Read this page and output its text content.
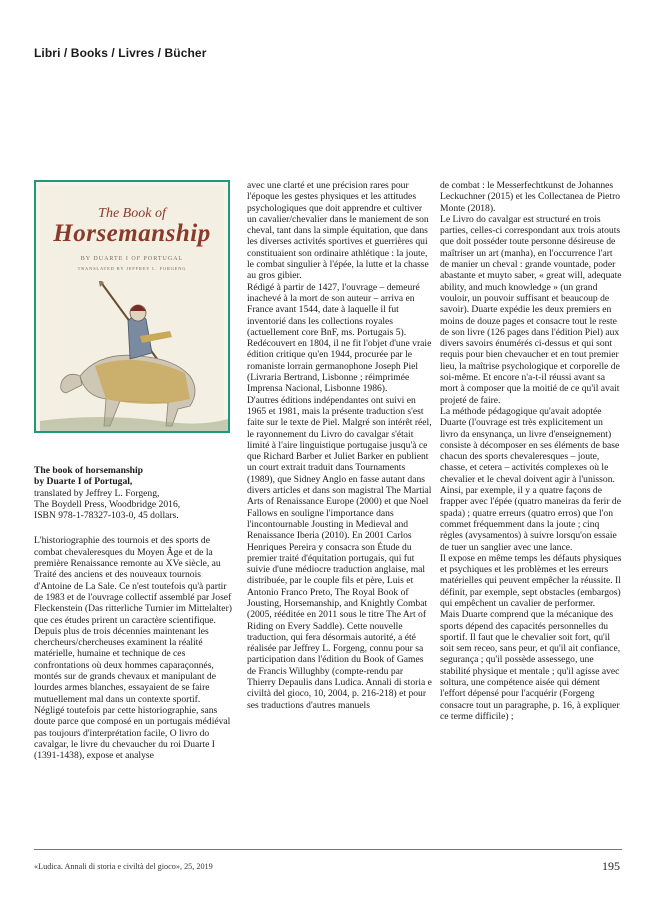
Libri / Books / Livres / Bücher
The Book of
Horsemanship
BY DUARTE I OF PORTUGAL
TRANSLATED BY JEFFREY L. FORGENG

The book of horsemanship

by Duarte I of Portugal,

translated by Jeffrey L. Forgeng,

The Boydell Press, Woodbridge 2016,

ISBN 978-1-78327-103-0, 45 dollars.

L'historiographie des tournois et des sports de combat chevaleresques du Moyen Âge et de la première Renaissance remonte au XVe siècle, au Traité des anciens et des nouveaux tournois d'Antoine de La Sale. Ce n'est toutefois qu'à partir de 1983 et de l'ouvrage collectif assemblé par Josef Fleckenstein (Das ritterliche Turnier im Mittelalter) que ces études prirent un caractère scientifique.

Depuis plus de trois décennies maintenant les chercheurs/chercheuses examinent la réalité matérielle, humaine et technique de ces confrontations où deux hommes caparaçonnés, montés sur de grands chevaux et manipulant de lourdes armes blanches, essayaient de se faire mutuellement mal dans un contexte sportif.

Négligé toutefois par cette historiographie, sans doute parce que composé en un portugais médiéval pas toujours d'interprétation facile, O livro do cavalgar, le livre du chevaucher du roi Duarte I (1391-1438), expose et analyse

avec une clarté et une précision rares pour l'époque les gestes physiques et les attitudes psychologiques que doit apprendre et cultiver un cavalier/chevalier dans le maniement de son cheval, tant dans la simple équitation, que dans les diverses activités sportives et guerrières qui constituaient son ordinaire athlétique : la joute, le combat singulier à l'épée, la lutte et la chasse au gros gibier.

Rédigé à partir de 1427, l'ouvrage – demeuré inachevé à la mort de son auteur – arriva en France avant 1544, date à laquelle il fut inventorié dans les collections royales (actuellement core BnF, ms. Portugais 5). Redécouvert en 1804, il ne fit l'objet d'une vraie édition critique qu'en 1944, procurée par le romaniste lorrain germanophone Joseph Piel (Livraria Bertrand, Lisbonne ; réimprimée Imprensa Nacional, Lisbonne 1986).

D'autres éditions indépendantes ont suivi en 1965 et 1981, mais la présente traduction s'est faite sur le texte de Piel. Malgré son intérêt réel, le rayonnement du Livro do cavalgar s'était limité à l'aire linguistique portugaise jusqu'à ce que Richard Barber et Juliet Barker en publient un court extrait traduit dans Tournaments (1989), que Sidney Anglo en fasse autant dans divers articles et dans son magistral The Martial Arts of Renaissance Europe (2000) et que Noel Fallows en souligne l'importance dans l'incontournable Jousting in Medieval and Renaissance Iberia (2010). En 2001 Carlos Henriques Pereira y consacra son Étude du premier traité d'équitation portugais, qui fut suivie d'une médiocre traduction anglaise, mal distribuée, par le couple fils et père, Luis et Antonio Franco Preto, The Royal Book of Jousting, Horsemanship, and Knightly Combat (2005, rééditée en 2011 sous le titre The Art of Riding on Every Saddle). Cette nouvelle traduction, qui fera désormais autorité, a été réalisée par Jeffrey L. Forgeng, connu pour sa participation dans l'édition du Book of Games de Francis Willughby (compte-rendu par Thierry Depaulis dans Ludica. Annali di storia e civiltà del gioco, 10, 2004, p. 216-218) et pour ses traductions d'autres manuels

de combat : le Messerfechtkunst de Johannes Leckuchner (2015) et les Collectanea de Pietro Monte (2018).

Le Livro do cavalgar est structuré en trois parties, celles-ci correspondant aux trois atouts que doit posséder toute personne désireuse de maîtriser un art (manha), en l'occurrence l'art de manier un cheval : grande vountade, poder abastante et muyto saber, « great will, adequate ability, and much knowledge » (un grand vouloir, un pouvoir suffisant et beaucoup de savoir). Duarte expédie les deux premiers en moins de douze pages et consacre tout le reste de son livre (126 pages dans l'édition Piel) aux divers savoirs énumérés ci-dessus et qui sont requis pour bien chevaucher et en tout premier lieu, la maîtrise psychologique et corporelle de soi-même. Et encore n'a-t-il réussi avant sa mort à composer que la moitié de ce qu'il avait projeté de faire.

La méthode pédagogique qu'avait adoptée Duarte (l'ouvrage est très explicitement un livro da ensynança, un livre d'enseignement) consiste à décomposer en ses éléments de base chacun des sports chevaleresques – joute, chasse, et cetera – activités complexes où le chevalier et le cheval doivent agir à l'unisson. Ainsi, par exemple, il y a quatre façons de frapper avec l'épée (quatro maneiras da ferir de spada) ; quatre erreurs (quatro erros) que l'on commet fréquemment dans la joute ; cinq règles (avysamentos) à suivre lorsqu'on essaie de tuer un sanglier avec une lance.

Il expose en même temps les défauts physiques et psychiques et les problèmes et les erreurs matérielles qui peuvent empêcher la réussite. Il définit, par exemple, sept obstacles (embargos) qui empêchent un cavalier de performer.

Mais Duarte comprend que la mécanique des sports dépend des capacités personnelles du sportif. Il faut que le chevalier soit fort, qu'il soit sem receo, sans peur, et qu'il ait confiance, segurança ; qu'il possède assessego, une stabilité physique et mentale ; qu'il agisse avec soltura, une compétence aisée qui dément l'effort dépensé pour l'acquérir (Forgeng consacre tout un paragraphe, p. 16, à expliquer ce terme difficile) ;

«Ludica. Annali di storia e civiltà del gioco», 25, 2019	195
